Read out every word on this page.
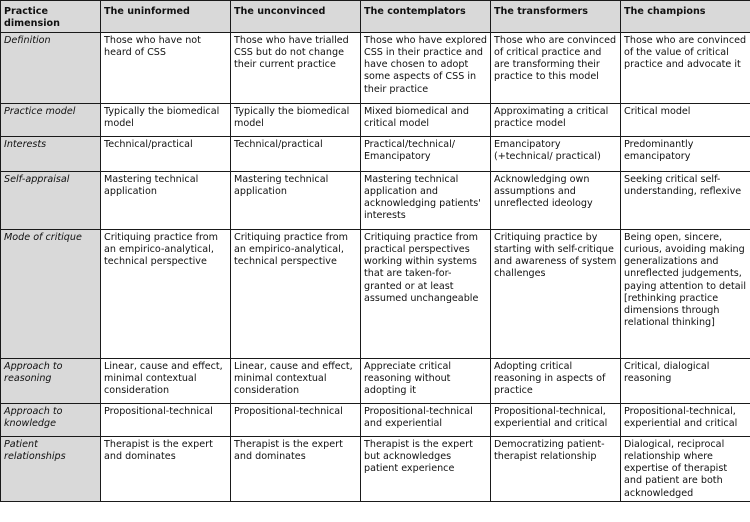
Practice dimension	The uninformed	The unconvinced	The contemplators	The transformers	The champions
Definition	Those who have not heard of CSS	Those who have trialled CSS but do not change their current practice	Those who have explored CSS in their practice and have chosen to adopt some aspects of CSS in their practice	Those who are convinced of critical practice and are transforming their practice to this model	Those who are convinced of the value of critical practice and advocate it
Practice model	Typically the biomedical model	Typically the biomedical model	Mixed biomedical and critical model	Approximating a critical practice model	Critical model
Interests	Technical/practical	Technical/practical	Practical/technical/ Emancipatory	Emancipatory (+technical/ practical)	Predominantly emancipatory
Self-appraisal	Mastering technical application	Mastering technical application	Mastering technical application and acknowledging patients' interests	Acknowledging own assumptions and unreflected ideology	Seeking critical self-understanding, reflexive
Mode of critique	Critiquing practice from an empirico-analytical, technical perspective	Critiquing practice from an empirico-analytical, technical perspective	Critiquing practice from practical perspectives working within systems that are taken-for-granted or at least assumed unchangeable	Critiquing practice by starting with self-critique and awareness of system challenges	Being open, sincere, curious, avoiding making generalizations and unreflected judgements, paying attention to detail [rethinking practice dimensions through relational thinking]
Approach to reasoning	Linear, cause and effect, minimal contextual consideration	Linear, cause and effect, minimal contextual consideration	Appreciate critical reasoning without adopting it	Adopting critical reasoning in aspects of practice	Critical, dialogical reasoning
Approach to knowledge	Propositional-technical	Propositional-technical	Propositional-technical and experiential	Propositional-technical, experiential and critical	Propositional-technical, experiential and critical
Patient relationships	Therapist is the expert and dominates	Therapist is the expert and dominates	Therapist is the expert but acknowledges patient experience	Democratizing patient-therapist relationship	Dialogical, reciprocal relationship where expertise of therapist and patient are both acknowledged
